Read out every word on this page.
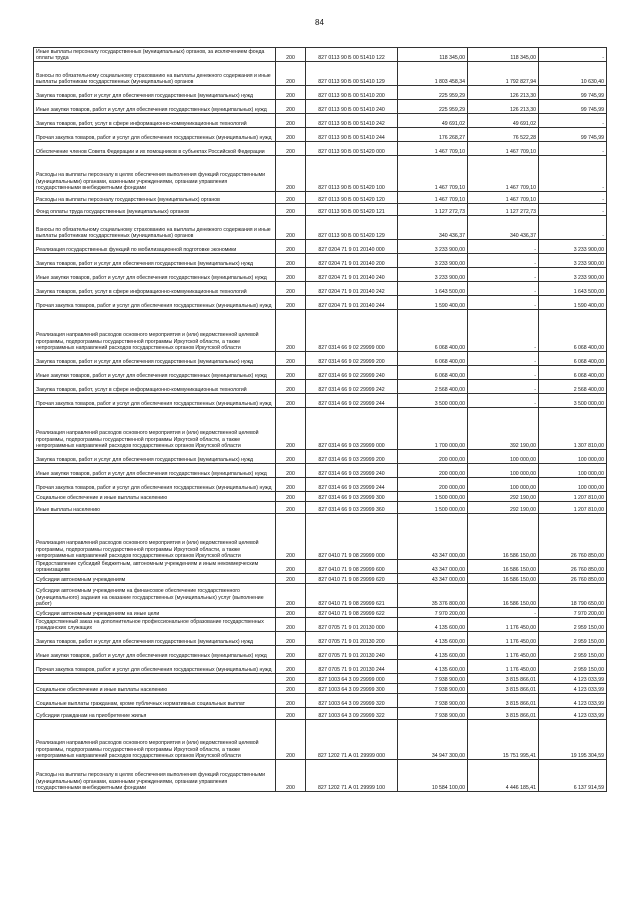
84
Иные выплаты персоналу государственных (муниципальных) органов, за исключением фонда оплаты труда	200	827 0113 90 Б 00 51410 122	118 345,00	118 345,00	-
Взносы по обязательному социальному страхованию на выплаты денежного содержания и иные выплаты работникам государственных (муниципальных) органов	200	827 0113 90 Б 00 51410 129	1 803 458,34	1 792 827,94	10 630,40
Закупка товаров, работ и услуг для обеспечения государственных (муниципальных) нужд	200	827 0113 90 Б 00 51410 200	225 959,29	126 213,30	99 745,99
Иные закупки товаров, работ и услуг для обеспечения государственных (муниципальных) нужд	200	827 0113 90 Б 00 51410 240	225 959,29	126 213,30	99 745,99
Закупка товаров, работ, услуг в сфере информационно-коммуникационных технологий	200	827 0113 90 Б 00 51410 242	49 691,02	49 691,02	-
Прочая закупка товаров, работ и услуг для обеспечения государственных (муниципальных) нужд	200	827 0113 90 Б 00 51410 244	176 268,27	76 522,28	99 745,99
Обеспечение членов Совета Федерации и их помощников в субъектах Российской Федерации	200	827 0113 90 Б 00 51420 000	1 467 709,10	1 467 709,10	-
Расходы на выплаты персоналу в целях обеспечения выполнения функций государственными (муниципальными) органами, казенными учреждениями, органами управления государственными внебюджетными фондами	200	827 0113 90 Б 00 51420 100	1 467 709,10	1 467 709,10	-
Расходы на выплаты персоналу государственных (муниципальных) органов	200	827 0113 90 Б 00 51420 120	1 467 709,10	1 467 709,10	-
Фонд оплаты труда государственных (муниципальных) органов	200	827 0113 90 Б 00 51420 121	1 127 272,73	1 127 272,73	-
Взносы по обязательному социальному страхованию на выплаты денежного содержания и иные выплаты работникам государственных (муниципальных) органов	200	827 0113 90 Б 00 51420 129	340 436,37	340 436,37	-
Реализация государственных функций по мобилизационной подготовке экономики	200	827 0204 71 9 01 20140 000	3 233 900,00	-	3 233 900,00
Закупка товаров, работ и услуг для обеспечения государственных (муниципальных) нужд	200	827 0204 71 9 01 20140 200	3 233 900,00	-	3 233 900,00
Иные закупки товаров, работ и услуг для обеспечения государственных (муниципальных) нужд	200	827 0204 71 9 01 20140 240	3 233 900,00	-	3 233 900,00
Закупка товаров, работ, услуг в сфере информационно-коммуникационных технологий	200	827 0204 71 9 01 20140 242	1 643 500,00	-	1 643 500,00
Прочая закупка товаров, работ и услуг для обеспечения государственных (муниципальных) нужд	200	827 0204 71 9 01 20140 244	1 590 400,00	-	1 590 400,00
Реализация направлений расходов основного мероприятия и (или) ведомственной целевой программы, подпрограммы государственной программы Иркутской области, а также непрограммных направлений расходов государственных органов Иркутской области	200	827 0314 66 9 02 29999 000	6 068 400,00	-	6 068 400,00
Закупка товаров, работ и услуг для обеспечения государственных (муниципальных) нужд	200	827 0314 66 9 02 29999 200	6 068 400,00	-	6 068 400,00
Иные закупки товаров, работ и услуг для обеспечения государственных (муниципальных) нужд	200	827 0314 66 9 02 29999 240	6 068 400,00	-	6 068 400,00
Закупка товаров, работ, услуг в сфере информационно-коммуникационных технологий	200	827 0314 66 9 02 29999 242	2 568 400,00	-	2 568 400,00
Прочая закупка товаров, работ и услуг для обеспечения государственных (муниципальных) нужд	200	827 0314 66 9 02 29999 244	3 500 000,00	-	3 500 000,00
Реализация направлений расходов основного мероприятия и (или) ведомственной целевой программы, подпрограммы государственной программы Иркутской области, а также непрограммных направлений расходов государственных органов Иркутской области	200	827 0314 66 9 03 29999 000	1 700 000,00	392 190,00	1 307 810,00
Закупка товаров, работ и услуг для обеспечения государственных (муниципальных) нужд	200	827 0314 66 9 03 29999 200	200 000,00	100 000,00	100 000,00
Иные закупки товаров, работ и услуг для обеспечения государственных (муниципальных) нужд	200	827 0314 66 9 03 29999 240	200 000,00	100 000,00	100 000,00
Прочая закупка товаров, работ и услуг для обеспечения государственных (муниципальных) нужд	200	827 0314 66 9 03 29999 244	200 000,00	100 000,00	100 000,00
Социальное обеспечение и иные выплаты населению	200	827 0314 66 9 03 29999 300	1 500 000,00	292 190,00	1 207 810,00
Иные выплаты населению	200	827 0314 66 9 03 29999 360	1 500 000,00	292 190,00	1 207 810,00
Реализация направлений расходов основного мероприятия и (или) ведомственной целевой программы, подпрограммы государственной программы Иркутской области, а также непрограммных направлений расходов государственных органов Иркутской области	200	827 0410 71 9 08 29999 000	43 347 000,00	16 586 150,00	26 760 850,00
Предоставление субсидий бюджетным, автономным учреждениям и иным некоммерческим организациям	200	827 0410 71 9 08 29999 600	43 347 000,00	16 586 150,00	26 760 850,00
Субсидии автономным учреждениям	200	827 0410 71 9 08 29999 620	43 347 000,00	16 586 150,00	26 760 850,00
Субсидии автономным учреждениям на финансовое обеспечение государственного (муниципального) задания на оказание государственных (муниципальных) услуг (выполнение работ)	200	827 0410 71 9 08 29999 621	35 376 800,00	16 586 150,00	18 790 650,00
Субсидии автономным учреждениям на иные цели	200	827 0410 71 9 08 29999 622	7 970 200,00	-	7 970 200,00
Государственный заказ на дополнительное профессиональное образование государственных гражданских служащих	200	827 0705 71 9 01 20130 000	4 135 600,00	1 176 450,00	2 959 150,00
Закупка товаров, работ и услуг для обеспечения государственных (муниципальных) нужд	200	827 0705 71 9 01 20130 200	4 135 600,00	1 176 450,00	2 959 150,00
Иные закупки товаров, работ и услуг для обеспечения государственных (муниципальных) нужд	200	827 0705 71 9 01 20130 240	4 135 600,00	1 176 450,00	2 959 150,00
Прочая закупка товаров, работ и услуг для обеспечения государственных (муниципальных) нужд	200	827 0705 71 9 01 20130 244	4 135 600,00	1 176 450,00	2 959 150,00
	200	827 1003 64 3 09 29999 000	7 938 900,00	3 815 866,01	4 123 033,99
Социальное обеспечение и иные выплаты населению	200	827 1003 64 3 09 29999 300	7 938 900,00	3 815 866,01	4 123 033,99
Социальные выплаты гражданам, кроме публичных нормативных социальных выплат	200	827 1003 64 3 09 29999 320	7 938 900,00	3 815 866,01	4 123 033,99
Субсидии гражданам на приобретение жилья	200	827 1003 64 3 09 29999 322	7 938 900,00	3 815 866,01	4 123 033,99
Реализация направлений расходов основного мероприятия и (или) ведомственной целевой программы, подпрограммы государственной программы Иркутской области, а также непрограммных направлений расходов государственных органов Иркутской области	200	827 1202 71 А 01 29999 000	34 947 300,00	15 751 995,41	19 195 304,59
Расходы на выплаты персоналу в целях обеспечения выполнения функций государственными (муниципальными) органами, казенными учреждениями, органами управления государственными внебюджетными фондами	200	827 1202 71 А 01 29999 100	10 584 100,00	4 446 185,41	6 137 914,59
